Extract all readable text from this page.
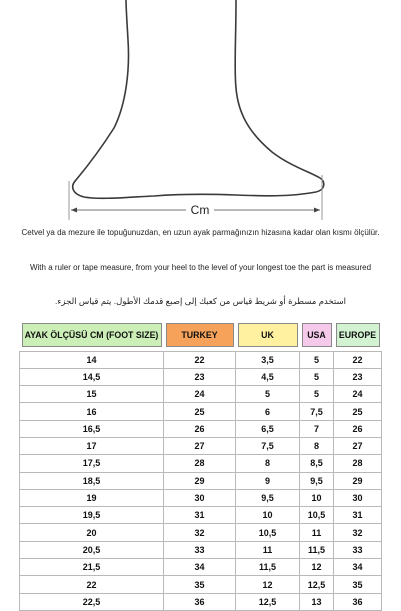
Cm
Cetvel ya da mezure ile topuğunuzdan, en uzun ayak parmağınızın hizasına kadar olan kısmı ölçülür.
With a ruler or tape measure, from your heel to the level of your longest toe the part is measured
استخدم مسطرة أو شريط قياس من كعبك إلى إصبع قدمك الأطول. يتم قياس الجزء.
AYAK ÖLÇÜSÜ CM (FOOT SIZE)	TURKEY	UK	USA	EUROPE

14	22	3,5	5	22
14,5	23	4,5	5	23
15	24	5	5	24
16	25	6	7,5	25
16,5	26	6,5	7	26
17	27	7,5	8	27
17,5	28	8	8,5	28
18,5	29	9	9,5	29
19	30	9,5	10	30
19,5	31	10	10,5	31
20	32	10,5	11	32
20,5	33	11	11,5	33
21,5	34	11,5	12	34
22	35	12	12,5	35
22,5	36	12,5	13	36
